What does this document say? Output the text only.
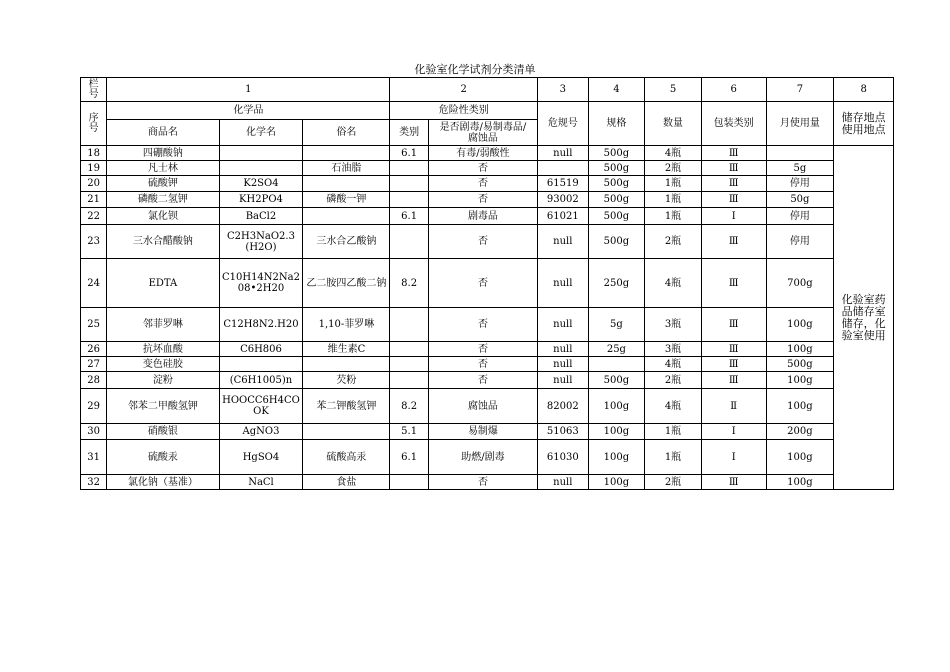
化验室化学试剂分类清单
栏号	1			2		3	4	5	6	7	8

序号	化学品			危险性类别		危规号	规格	数量	包装类别	月使用量	储存地点使用地点
	商品名	化学名	俗名	类别	是否剧毒/易制毒品/腐蚀品						
18	四硼酸钠			6.1	有毒/弱酸性	null	500g	4瓶	Ⅲ		化验室药品储存室储存，化验室使用
19	凡士林		石油脂		否		500g	2瓶	Ⅲ	5g	
20	硫酸钾	K2SO4			否	61519	500g	1瓶	Ⅲ	停用	
21	磷酸二氢钾	KH2PO4	磷酸一钾		否	93002	500g	1瓶	Ⅲ	50g	
22	氯化钡	BaCl2		6.1	剧毒品	61021	500g	1瓶	Ⅰ	停用	
23	三水合醋酸钠	C2H3NaO2.3(H2O)	三水合乙酸钠		否	null	500g	2瓶	Ⅲ	停用	
24	EDTA	C10H14N2Na208•2H20	乙二胺四乙酸二钠	8.2	否	null	250g	4瓶	Ⅲ	700g	
25	邻菲罗啉	C12H8N2.H20	1,10-菲罗啉		否	null	5g	3瓶	Ⅲ	100g	
26	抗坏血酸	C6H806	维生素C		否	null	25g	3瓶	Ⅲ	100g	
27	变色硅胶				否	null		4瓶	Ⅲ	500g	
28	淀粉	(C6H1005)n	芡粉		否	null	500g	2瓶	Ⅲ	100g	
29	邻苯二甲酸氢钾	HOOCC6H4COOK	苯二钾酸氢钾	8.2	腐蚀品	82002	100g	4瓶	Ⅱ	100g	
30	硝酸银	AgNO3		5.1	易制爆	51063	100g	1瓶	Ⅰ	200g	
31	硫酸汞	HgSO4	硫酸高汞	6.1	助燃/剧毒	61030	100g	1瓶	Ⅰ	100g	
32	氯化钠（基准）	NaCl	食盐		否	null	100g	2瓶	Ⅲ	100g	
